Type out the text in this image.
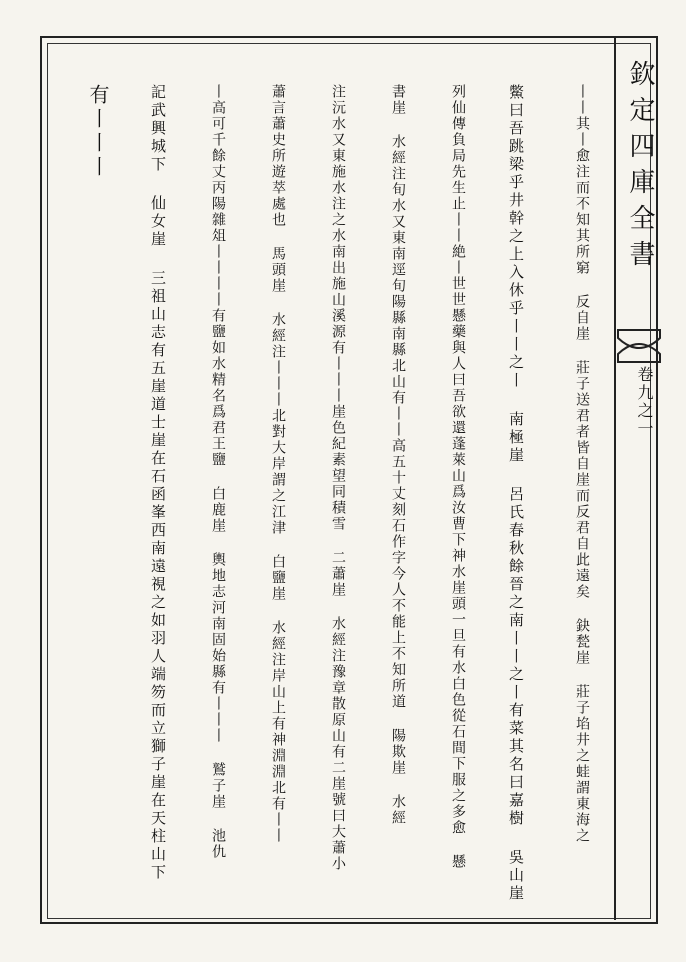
欽定四庫全書
卷九之一
丨丨其丨愈注而不知其所窮 反自崖 莊子送君者皆自崖而反君自此遠矣 鈌甃崖 莊子埳井之蛙謂東海之
鱉曰吾跳梁乎井幹之上入休乎丨丨之丨 南極崖 呂氏春秋餘晉之南丨丨之丨有菜其名曰嘉樹 吳山崖
列仙傳負局先生止丨丨絶丨世世懸藥與人曰吾欲還蓬萊山爲汝曹下神水崖頭一旦有水白色從石間下服之多愈 懸
書崖 水經注旬水又東南逕旬陽縣南縣北山有丨丨高五十丈刻石作字今人不能上不知所道 陽欺崖 水經
注沅水又東施水注之水南出施山溪源有丨丨丨崖色紀素望同積雪 二蕭崖 水經注豫章散原山有二崖號曰大蕭小
蕭言蕭史所遊萃處也 馬頭崖 水經注丨丨丨北對大岸謂之江津 白鹽崖 水經注岸山上有神淵淵北有丨丨
丨高可千餘丈丙陽雜俎丨丨丨丨有鹽如水精名爲君王鹽 白鹿崖 輿地志河南固始縣有丨丨丨 鷲子崖 池仇
記武興城下 仙女崖 三祖山志有五崖道士崖在石函峯西南遠視之如羽人端笏而立獅子崖在天柱山下
有丨丨丨
